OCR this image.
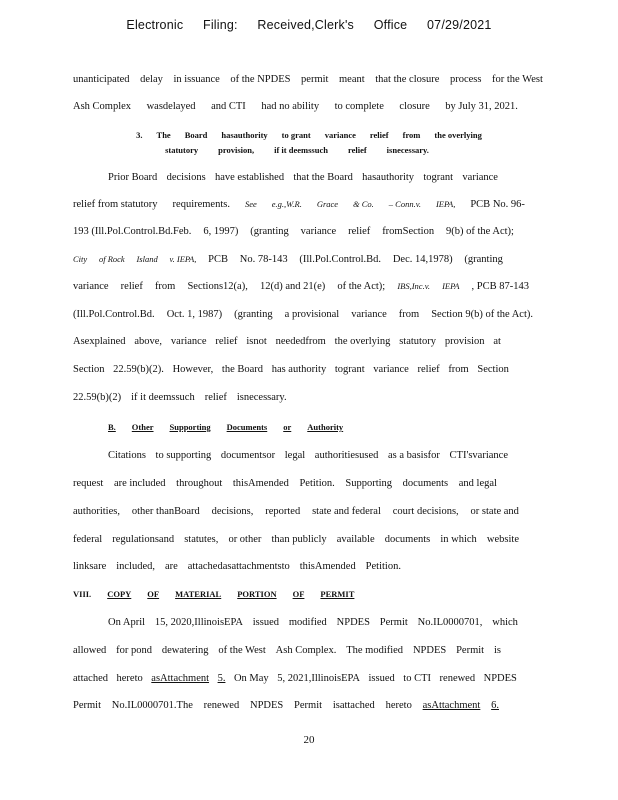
Electronic Filing: Received,Clerk's Office 07/29/2021
unanticipated delay in issuance of the NPDES permit meant that the closure process for the West
Ash Complex wasdelayed and CTI had no ability to complete closure by July 31, 2021.
3. The Board hasauthority to grant variance relief from the overlying
statutory provision, if it deemssuch relief isnecessary.
Prior Board decisions have established that the Board hasauthority togrant variance
relief from statutory requirements. See e.g.,W.R. Grace & Co. – Conn.v. IEPA, PCB No. 96-
193 (Ill.Pol.Control.Bd.Feb. 6, 1997) (granting variance relief fromSection 9(b) of the Act);
City of Rock Island v. IEPA, PCB No. 78-143 (Ill.Pol.Control.Bd. Dec. 14,1978) (granting
variance relief from Sections12(a), 12(d) and 21(e) of the Act); IBS,Inc.v. IEPA , PCB 87-143
(Ill.Pol.Control.Bd. Oct. 1, 1987) (granting a provisional variance from Section 9(b) of the Act).
Asexplained above, variance relief isnot neededfrom the overlying statutory provision at
Section 22.59(b)(2). However, the Board has authority togrant variance relief from Section
22.59(b)(2) if it deemssuch relief isnecessary.
B. Other Supporting Documents or Authority
Citations to supporting documentsor legal authoritiesused as a basisfor CTI'svariance
request are included throughout thisAmended Petition. Supporting documents and legal
authorities, other thanBoard decisions, reported state and federal court decisions, or state and
federal regulationsand statutes, or other than publicly available documents in which website
linksare included, are attachedasattachmentsto thisAmended Petition.
VIII. COPY OF MATERIAL PORTION OF PERMIT
On April 15, 2020,IllinoisEPA issued modified NPDES Permit No.IL0000701, which
allowed for pond dewatering of the West Ash Complex. The modified NPDES Permit is
attached hereto asAttachment 5. On May 5, 2021,IllinoisEPA issued to CTI renewed NPDES
Permit No.IL0000701.The renewed NPDES Permit isattached hereto asAttachment 6.
20
